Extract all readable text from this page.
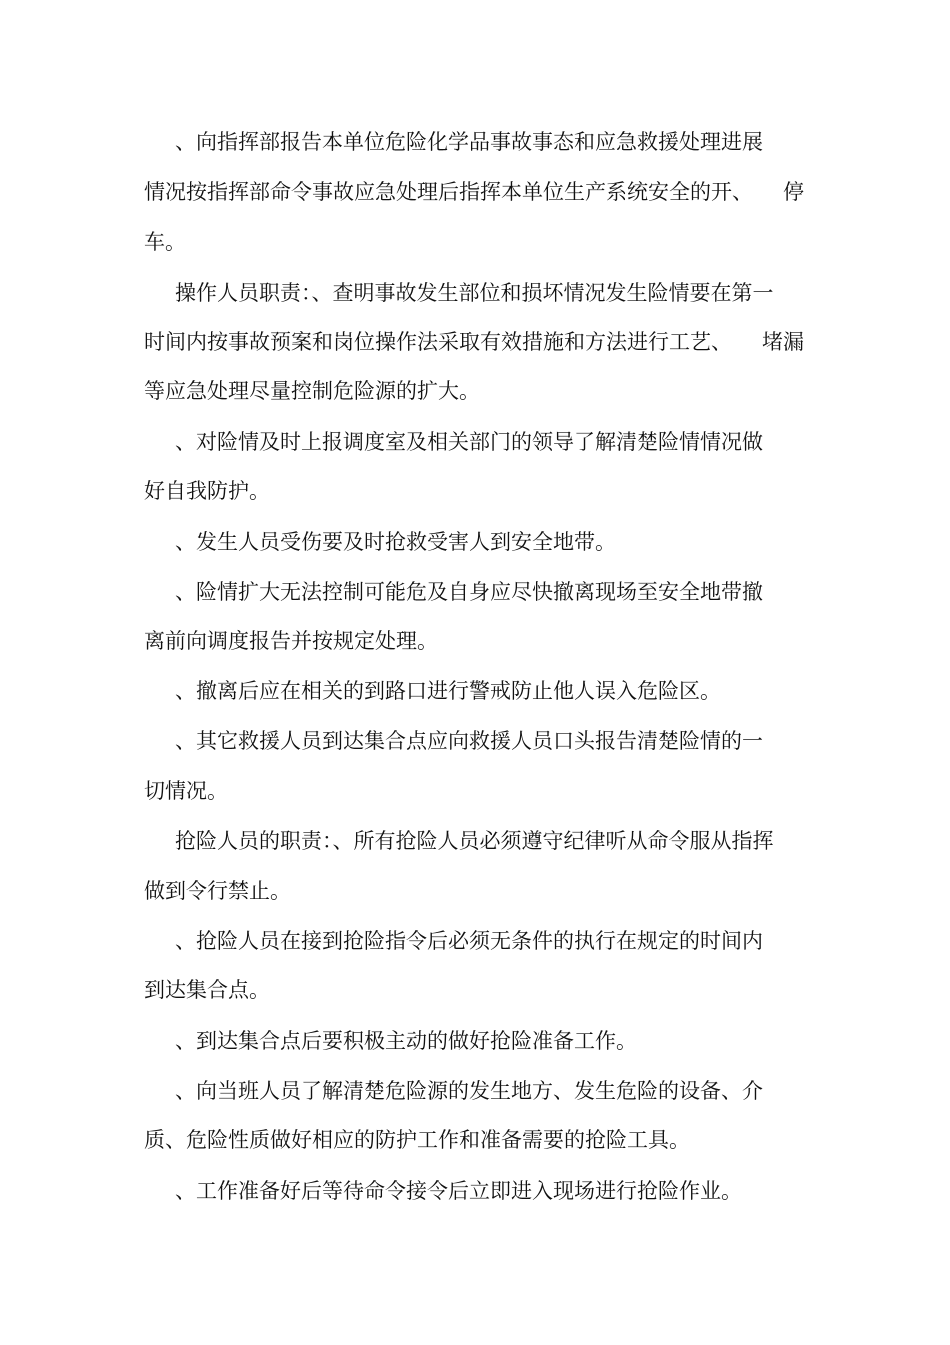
、向指挥部报告本单位危险化学品事故事态和应急救援处理进展
情况按指挥部命令事故应急处理后指挥本单位生产系统安全的开、 停
车。
操作人员职责：、查明事故发生部位和损坏情况发生险情要在第一
时间内按事故预案和岗位操作法采取有效措施和方法进行工艺、 堵漏
等应急处理尽量控制危险源的扩大。
、对险情及时上报调度室及相关部门的领导了解清楚险情情况做
好自我防护。
、发生人员受伤要及时抢救受害人到安全地带。
、险情扩大无法控制可能危及自身应尽快撤离现场至安全地带撤
离前向调度报告并按规定处理。
、撤离后应在相关的到路口进行警戒防止他人误入危险区。
、其它救援人员到达集合点应向救援人员口头报告清楚险情的一
切情况。
抢险人员的职责：、所有抢险人员必须遵守纪律听从命令服从指挥
做到令行禁止。
、抢险人员在接到抢险指令后必须无条件的执行在规定的时间内
到达集合点。
、到达集合点后要积极主动的做好抢险准备工作。
、向当班人员了解清楚危险源的发生地方、发生危险的设备、介
质、危险性质做好相应的防护工作和准备需要的抢险工具。
、工作准备好后等待命令接令后立即进入现场进行抢险作业。
